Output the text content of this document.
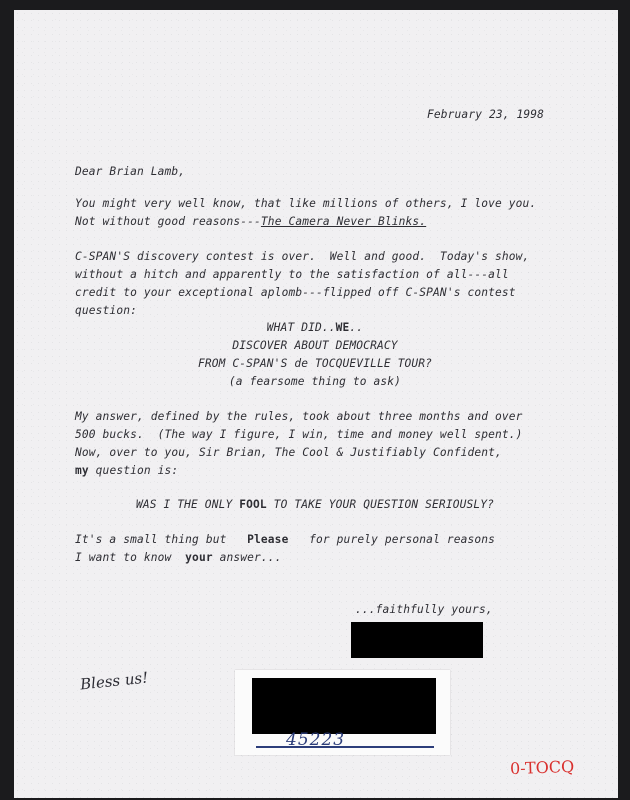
February 23, 1998
Dear Brian Lamb,
You might very well know, that like millions of others, I love you.
Not without good reasons---The Camera Never Blinks.
C-SPAN'S discovery contest is over.  Well and good.  Today's show,
without a hitch and apparently to the satisfaction of all---all
credit to your exceptional aplomb---flipped off C-SPAN's contest
question:
WHAT DID..WE..
DISCOVER ABOUT DEMOCRACY
FROM C-SPAN'S de TOCQUEVILLE TOUR?
(a fearsome thing to ask)
My answer, defined by the rules, took about three months and over
500 bucks.  (The way I figure, I win, time and money well spent.)
Now, over to you, Sir Brian, The Cool & Justifiably Confident,
my question is:
WAS I THE ONLY FOOL TO TAKE YOUR QUESTION SERIOUSLY?
It's a small thing but   Please   for purely personal reasons
I want to know  your answer...
...faithfully yours,
Bless us!
45223
0-TOCQ
